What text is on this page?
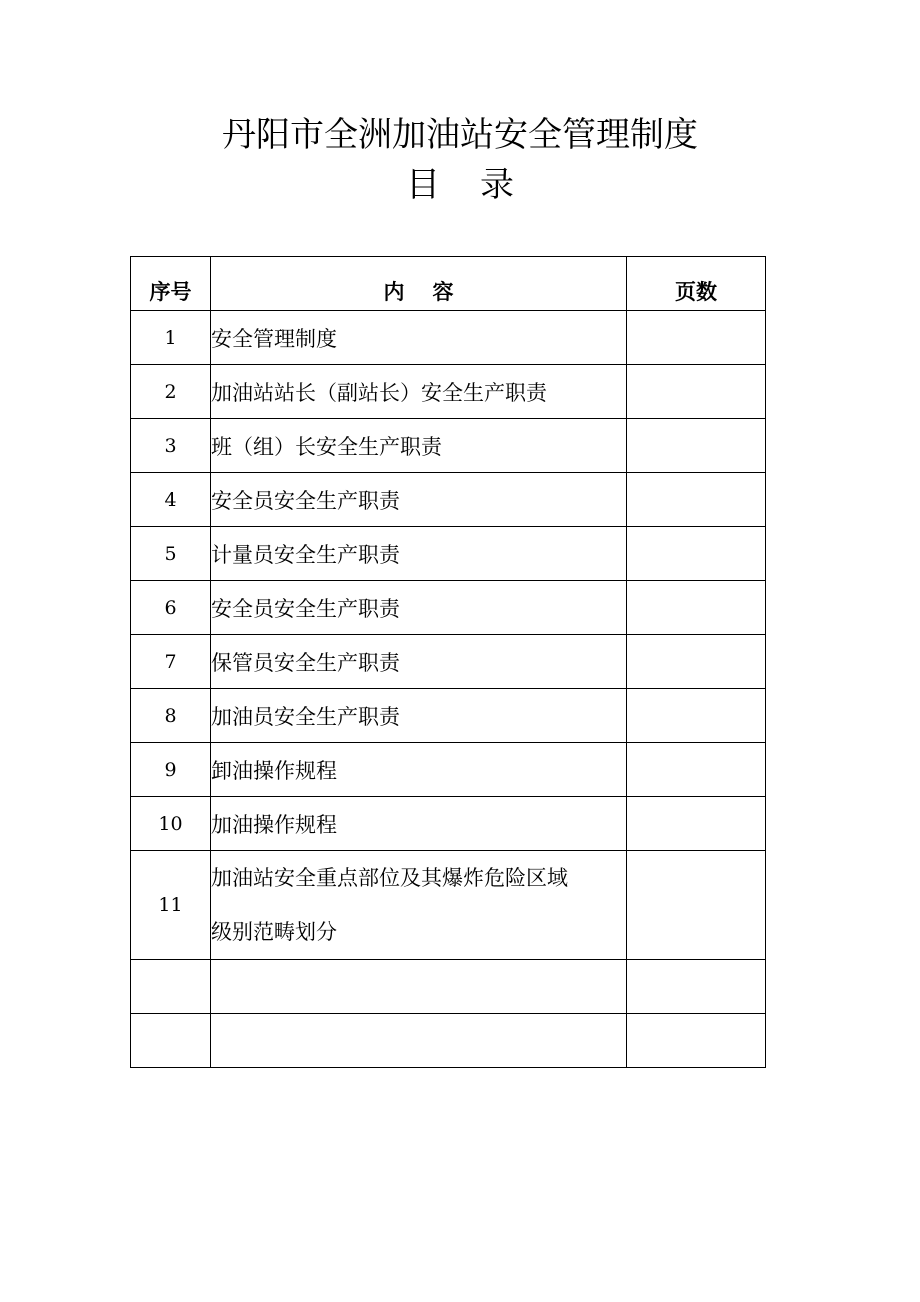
丹阳市全洲加油站安全管理制度
目 录
序号	内 容	页数
1	安全管理制度	
2	加油站站长（副站长）安全生产职责	
3	班（组）长安全生产职责	
4	安全员安全生产职责	
5	计量员安全生产职责	
6	安全员安全生产职责	
7	保管员安全生产职责	
8	加油员安全生产职责	
9	卸油操作规程	
10	加油操作规程	
11	加油站安全重点部位及其爆炸危险区域
级别范畴划分	
